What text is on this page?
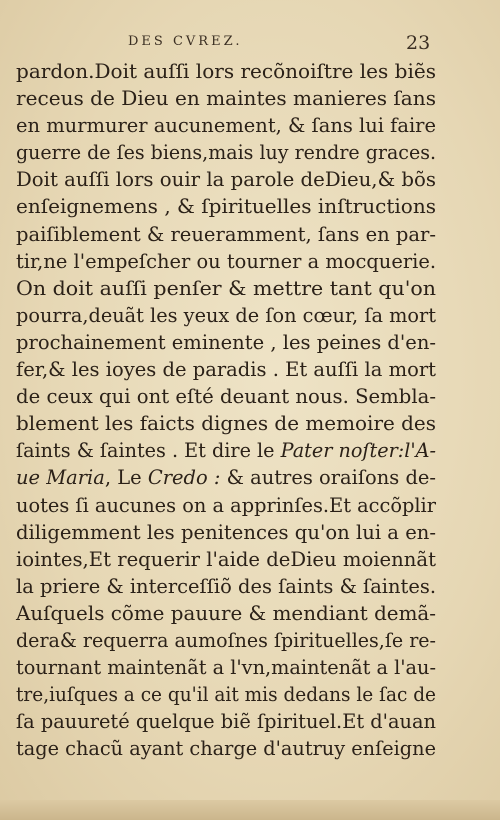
DES CVREZ.	23
pardon.Doit auſſi lors recõnoiſtre les biẽs
receus de Dieu en maintes manieres ſans
en murmurer aucunement, & ſans lui faire
guerre de ſes biens,mais luy rendre graces.
Doit auſſi lors ouir la parole deDieu,& bõs
enſeignemens , & ſpirituelles inſtructions
paiſiblement & reueramment, ſans en par-
tir,ne l'empeſcher ou tourner a mocquerie.
On doit auſſi penſer & mettre tant qu'on
pourra,deuãt les yeux de ſon cœur, ſa mort
prochainement eminente , les peines d'en-
fer,& les ioyes de paradis . Et auſſi la mort
de ceux qui ont eſté deuant nous. Sembla-
blement les faicts dignes de memoire des
ſaints & ſaintes . Et dire le Pater noſter:l'A-
ue Maria, Le Credo : & autres oraiſons de-
uotes ſi aucunes on a apprinſes.Et accõplir
diligemment les penitences qu'on lui a en-
iointes,Et requerir l'aide deDieu moiennãt
la priere & interceſſiõ des ſaints & ſaintes.
Auſquels cõme pauure & mendiant demã-
dera& requerra aumoſnes ſpirituelles,ſe re-
tournant maintenãt a l'vn,maintenãt a l'au-
tre,iuſques a ce qu'il ait mis dedans le ſac de
ſa pauureté quelque biẽ ſpirituel.Et d'auan
tage chacũ ayant charge d'autruy enſeigne
